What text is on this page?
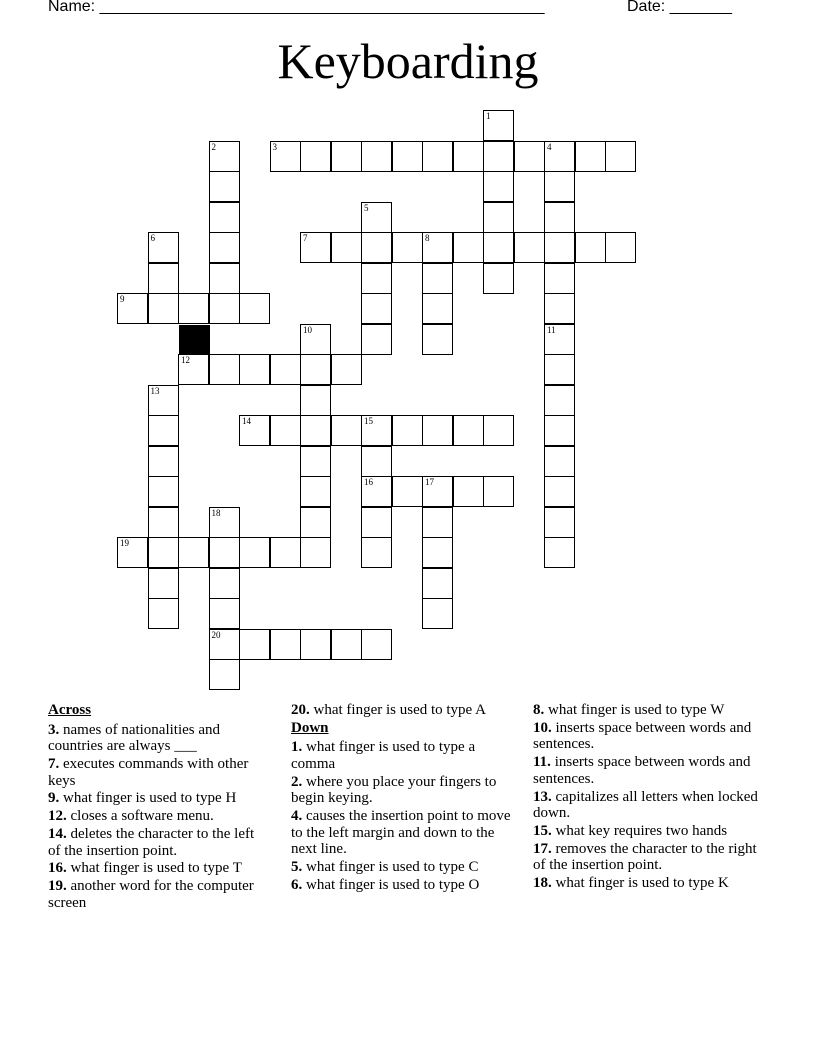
Name: __________________________________________________

	Date: _______

Keyboarding
1
2	3	4
5
6	7	8
9
10	11
12
13
14	15
16	17
18
20
19
Across
3. names of nationalities and countries are always ___
7. executes commands with other keys
9. what finger is used to type H
12. closes a software menu.
14. deletes the character to the left of the insertion point.
16. what finger is used to type T
19. another word for the computer screen
20. what finger is used to type A
Down
1. what finger is used to type a comma
2. where you place your fingers to begin keying.
4. causes the insertion point to move to the left margin and down to the next line.
5. what finger is used to type C
6. what finger is used to type O
8. what finger is used to type W
10. inserts space between words and sentences.
11. inserts space between words and sentences.
13. capitalizes all letters when locked down.
15. what key requires two hands
17. removes the character to the right of the insertion point.
18. what finger is used to type K
